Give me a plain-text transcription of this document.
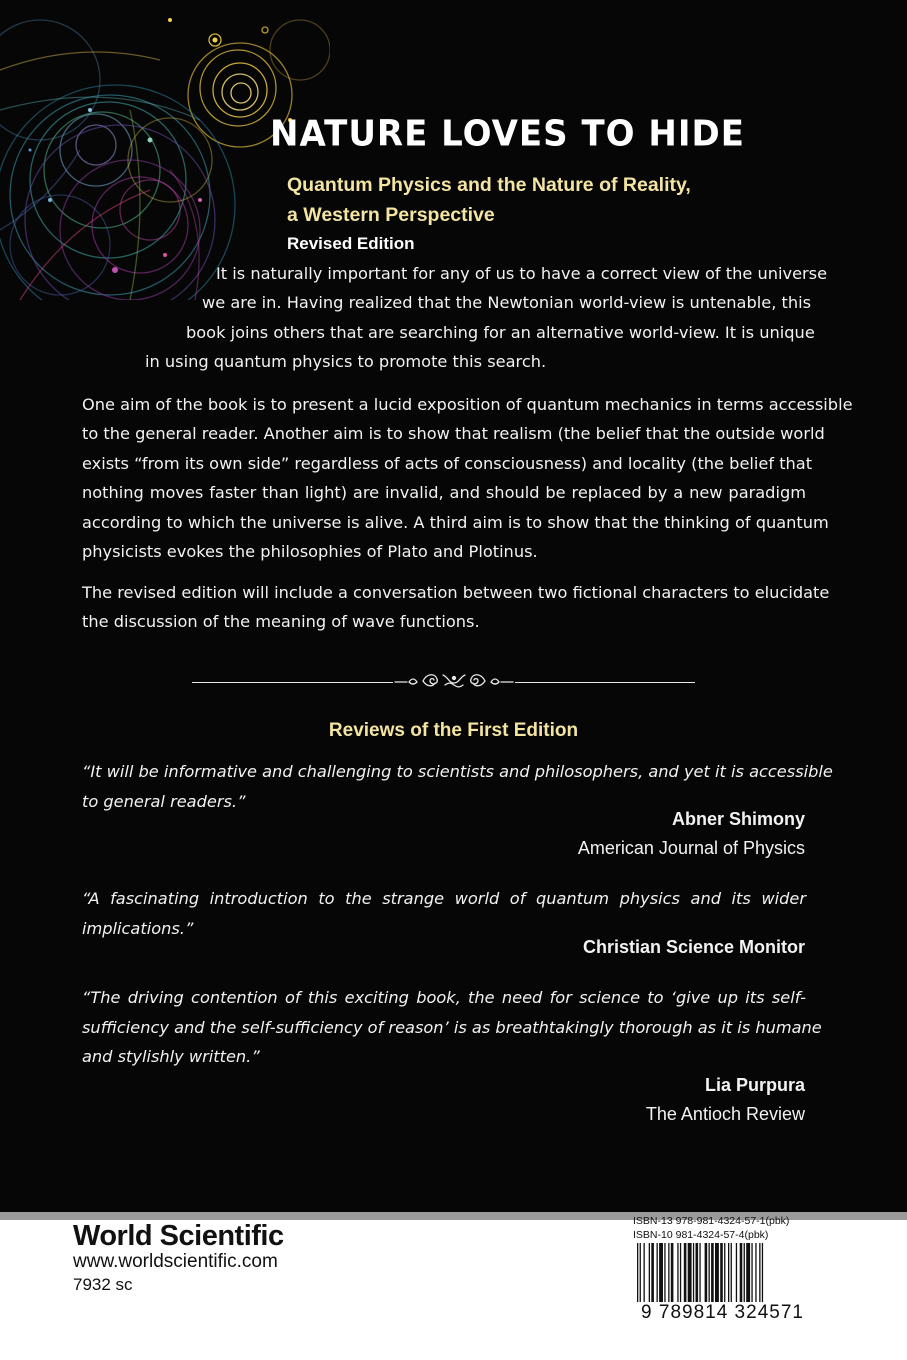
NATURE LOVES TO HIDE
Quantum Physics and the Nature of Reality,
a Western Perspective
Revised Edition
It is naturally important for any of us to have a correct view of the universe
we are in. Having realized that the Newtonian world-view is untenable, this
book joins others that are searching for an alternative world-view. It is unique
in using quantum physics to promote this search.
One aim of the book is to present a lucid exposition of quantum mechanics in terms accessible
to the general reader. Another aim is to show that realism (the belief that the outside world
exists “from its own side” regardless of acts of consciousness) and locality (the belief that
nothing moves faster than light) are invalid, and should be replaced by a new paradigm
according to which the universe is alive. A third aim is to show that the thinking of quantum
physicists evokes the philosophies of Plato and Plotinus.
The revised edition will include a conversation between two fictional characters to elucidate
the discussion of the meaning of wave functions.
Reviews of the First Edition
“It will be informative and challenging to scientists and philosophers, and yet it is accessible
to general readers.”
Abner Shimony
American Journal of Physics
“A fascinating introduction to the strange world of quantum physics and its wider
implications.”
Christian Science Monitor
“The driving contention of this exciting book, the need for science to ‘give up its self-
sufficiency and the self-sufficiency of reason’ is as breathtakingly thorough as it is humane
and stylishly written.”
Lia Purpura
The Antioch Review
World Scientific
www.worldscientific.com
7932 sc
ISBN-13 978-981-4324-57-1(pbk)
ISBN-10 981-4324-57-4(pbk)
9 789814 324571
